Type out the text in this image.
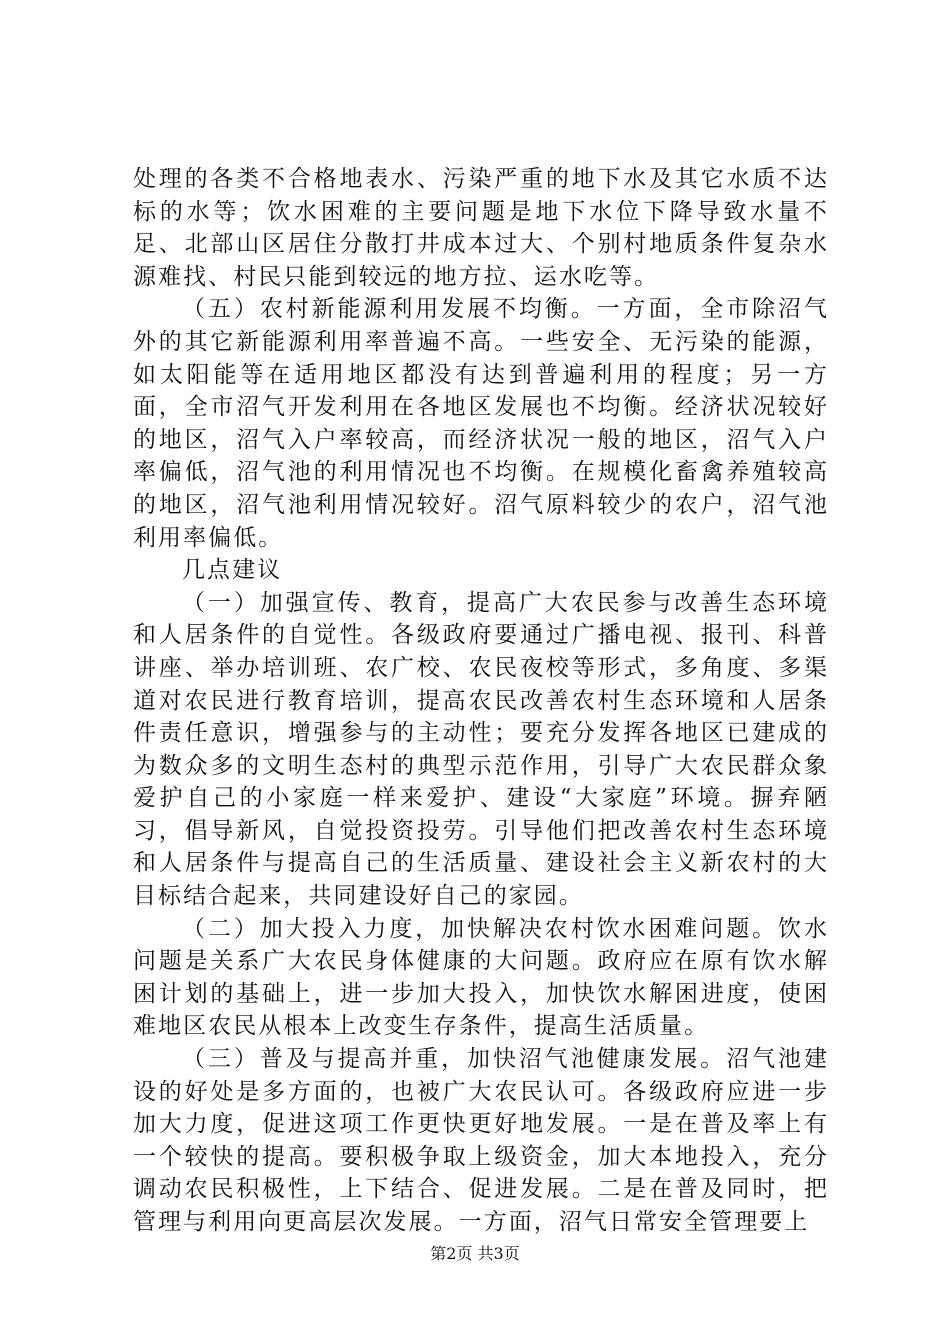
处理的各类不合格地表水、污染严重的地下水及其它水质不达标的水等；饮水困难的主要问题是地下水位下降导致水量不足、北部山区居住分散打井成本过大、个别村地质条件复杂水源难找、村民只能到较远的地方拉、运水吃等。

（五）农村新能源利用发展不均衡。一方面，全市除沼气外的其它新能源利用率普遍不高。一些安全、无污染的能源，如太阳能等在适用地区都没有达到普遍利用的程度；另一方面，全市沼气开发利用在各地区发展也不均衡。经济状况较好的地区，沼气入户率较高，而经济状况一般的地区，沼气入户率偏低，沼气池的利用情况也不均衡。在规模化畜禽养殖较高的地区，沼气池利用情况较好。沼气原料较少的农户，沼气池利用率偏低。

几点建议

（一）加强宣传、教育，提高广大农民参与改善生态环境和人居条件的自觉性。各级政府要通过广播电视、报刊、科普讲座、举办培训班、农广校、农民夜校等形式，多角度、多渠道对农民进行教育培训，提高农民改善农村生态环境和人居条件责任意识，增强参与的主动性；要充分发挥各地区已建成的为数众多的文明生态村的典型示范作用，引导广大农民群众象爱护自己的小家庭一样来爱护、建设“大家庭”环境。摒弃陋习，倡导新风，自觉投资投劳。引导他们把改善农村生态环境和人居条件与提高自己的生活质量、建设社会主义新农村的大目标结合起来，共同建设好自己的家园。

（二）加大投入力度，加快解决农村饮水困难问题。饮水问题是关系广大农民身体健康的大问题。政府应在原有饮水解困计划的基础上，进一步加大投入，加快饮水解困进度，使困难地区农民从根本上改变生存条件，提高生活质量。

（三）普及与提高并重，加快沼气池健康发展。沼气池建设的好处是多方面的，也被广大农民认可。各级政府应进一步加大力度，促进这项工作更快更好地发展。一是在普及率上有一个较快的提高。要积极争取上级资金，加大本地投入，充分调动农民积极性，上下结合、促进发展。二是在普及同时，把管理与利用向更高层次发展。一方面，沼气日常安全管理要上

第2页 共3页
